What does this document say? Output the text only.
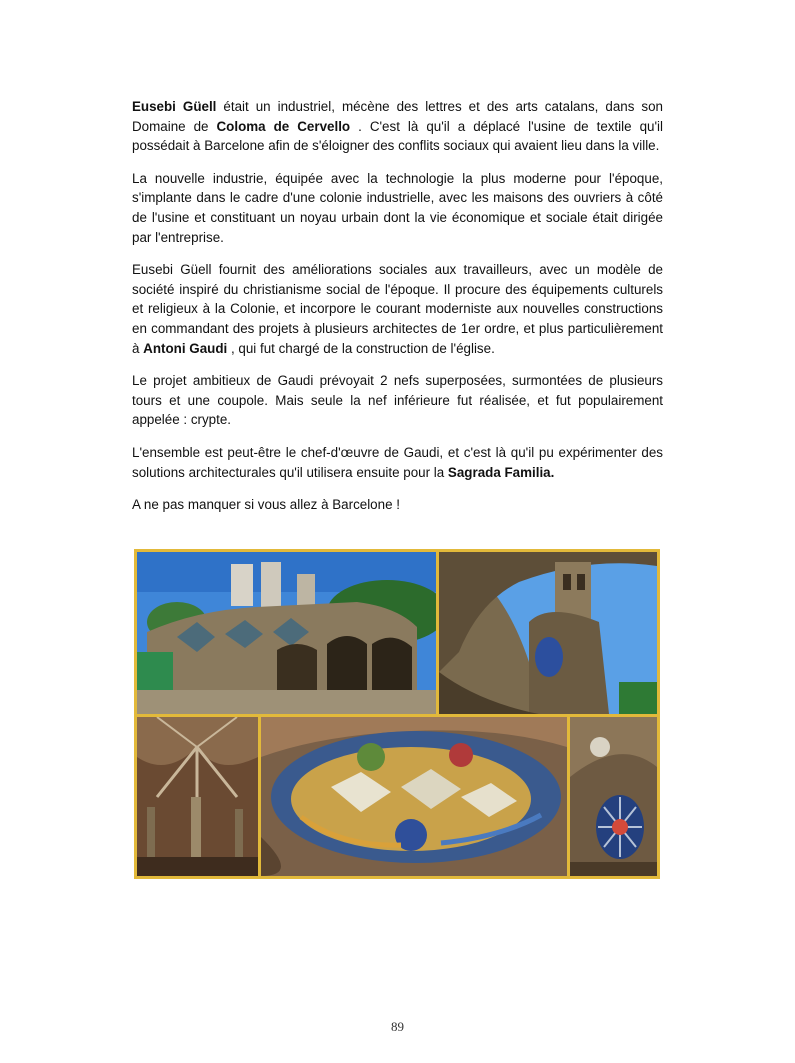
Eusebi Güell était un industriel, mécène des lettres et des arts catalans, dans son Domaine de Coloma de Cervello . C'est là qu'il a déplacé l'usine de textile qu'il possédait à Barcelone afin de s'éloigner des conflits sociaux qui avaient lieu dans la ville.

La nouvelle industrie, équipée avec la technologie la plus moderne pour l'époque, s'implante dans le cadre d'une colonie industrielle, avec les maisons des ouvriers à côté de l'usine et constituant un noyau urbain dont la vie économique et sociale était dirigée par l'entreprise.

Eusebi Güell fournit des améliorations sociales aux travailleurs, avec un modèle de société inspiré du christianisme social de l'époque. Il procure des équipements culturels et religieux à la Colonie, et incorpore le courant moderniste aux nouvelles constructions en commandant des projets à plusieurs architectes de 1er ordre, et plus particulièrement à Antoni Gaudi , qui fut chargé de la construction de l'église.

Le projet ambitieux de Gaudi prévoyait 2 nefs superposées, surmontées de plusieurs tours et une coupole. Mais seule la nef inférieure fut réalisée, et fut populairement appelée : crypte.

L'ensemble est peut-être le chef-d'œuvre de Gaudi, et c'est là qu'il pu expérimenter des solutions architecturales qu'il utilisera ensuite pour la Sagrada Familia.

A ne pas manquer si vous allez à Barcelone !

89
